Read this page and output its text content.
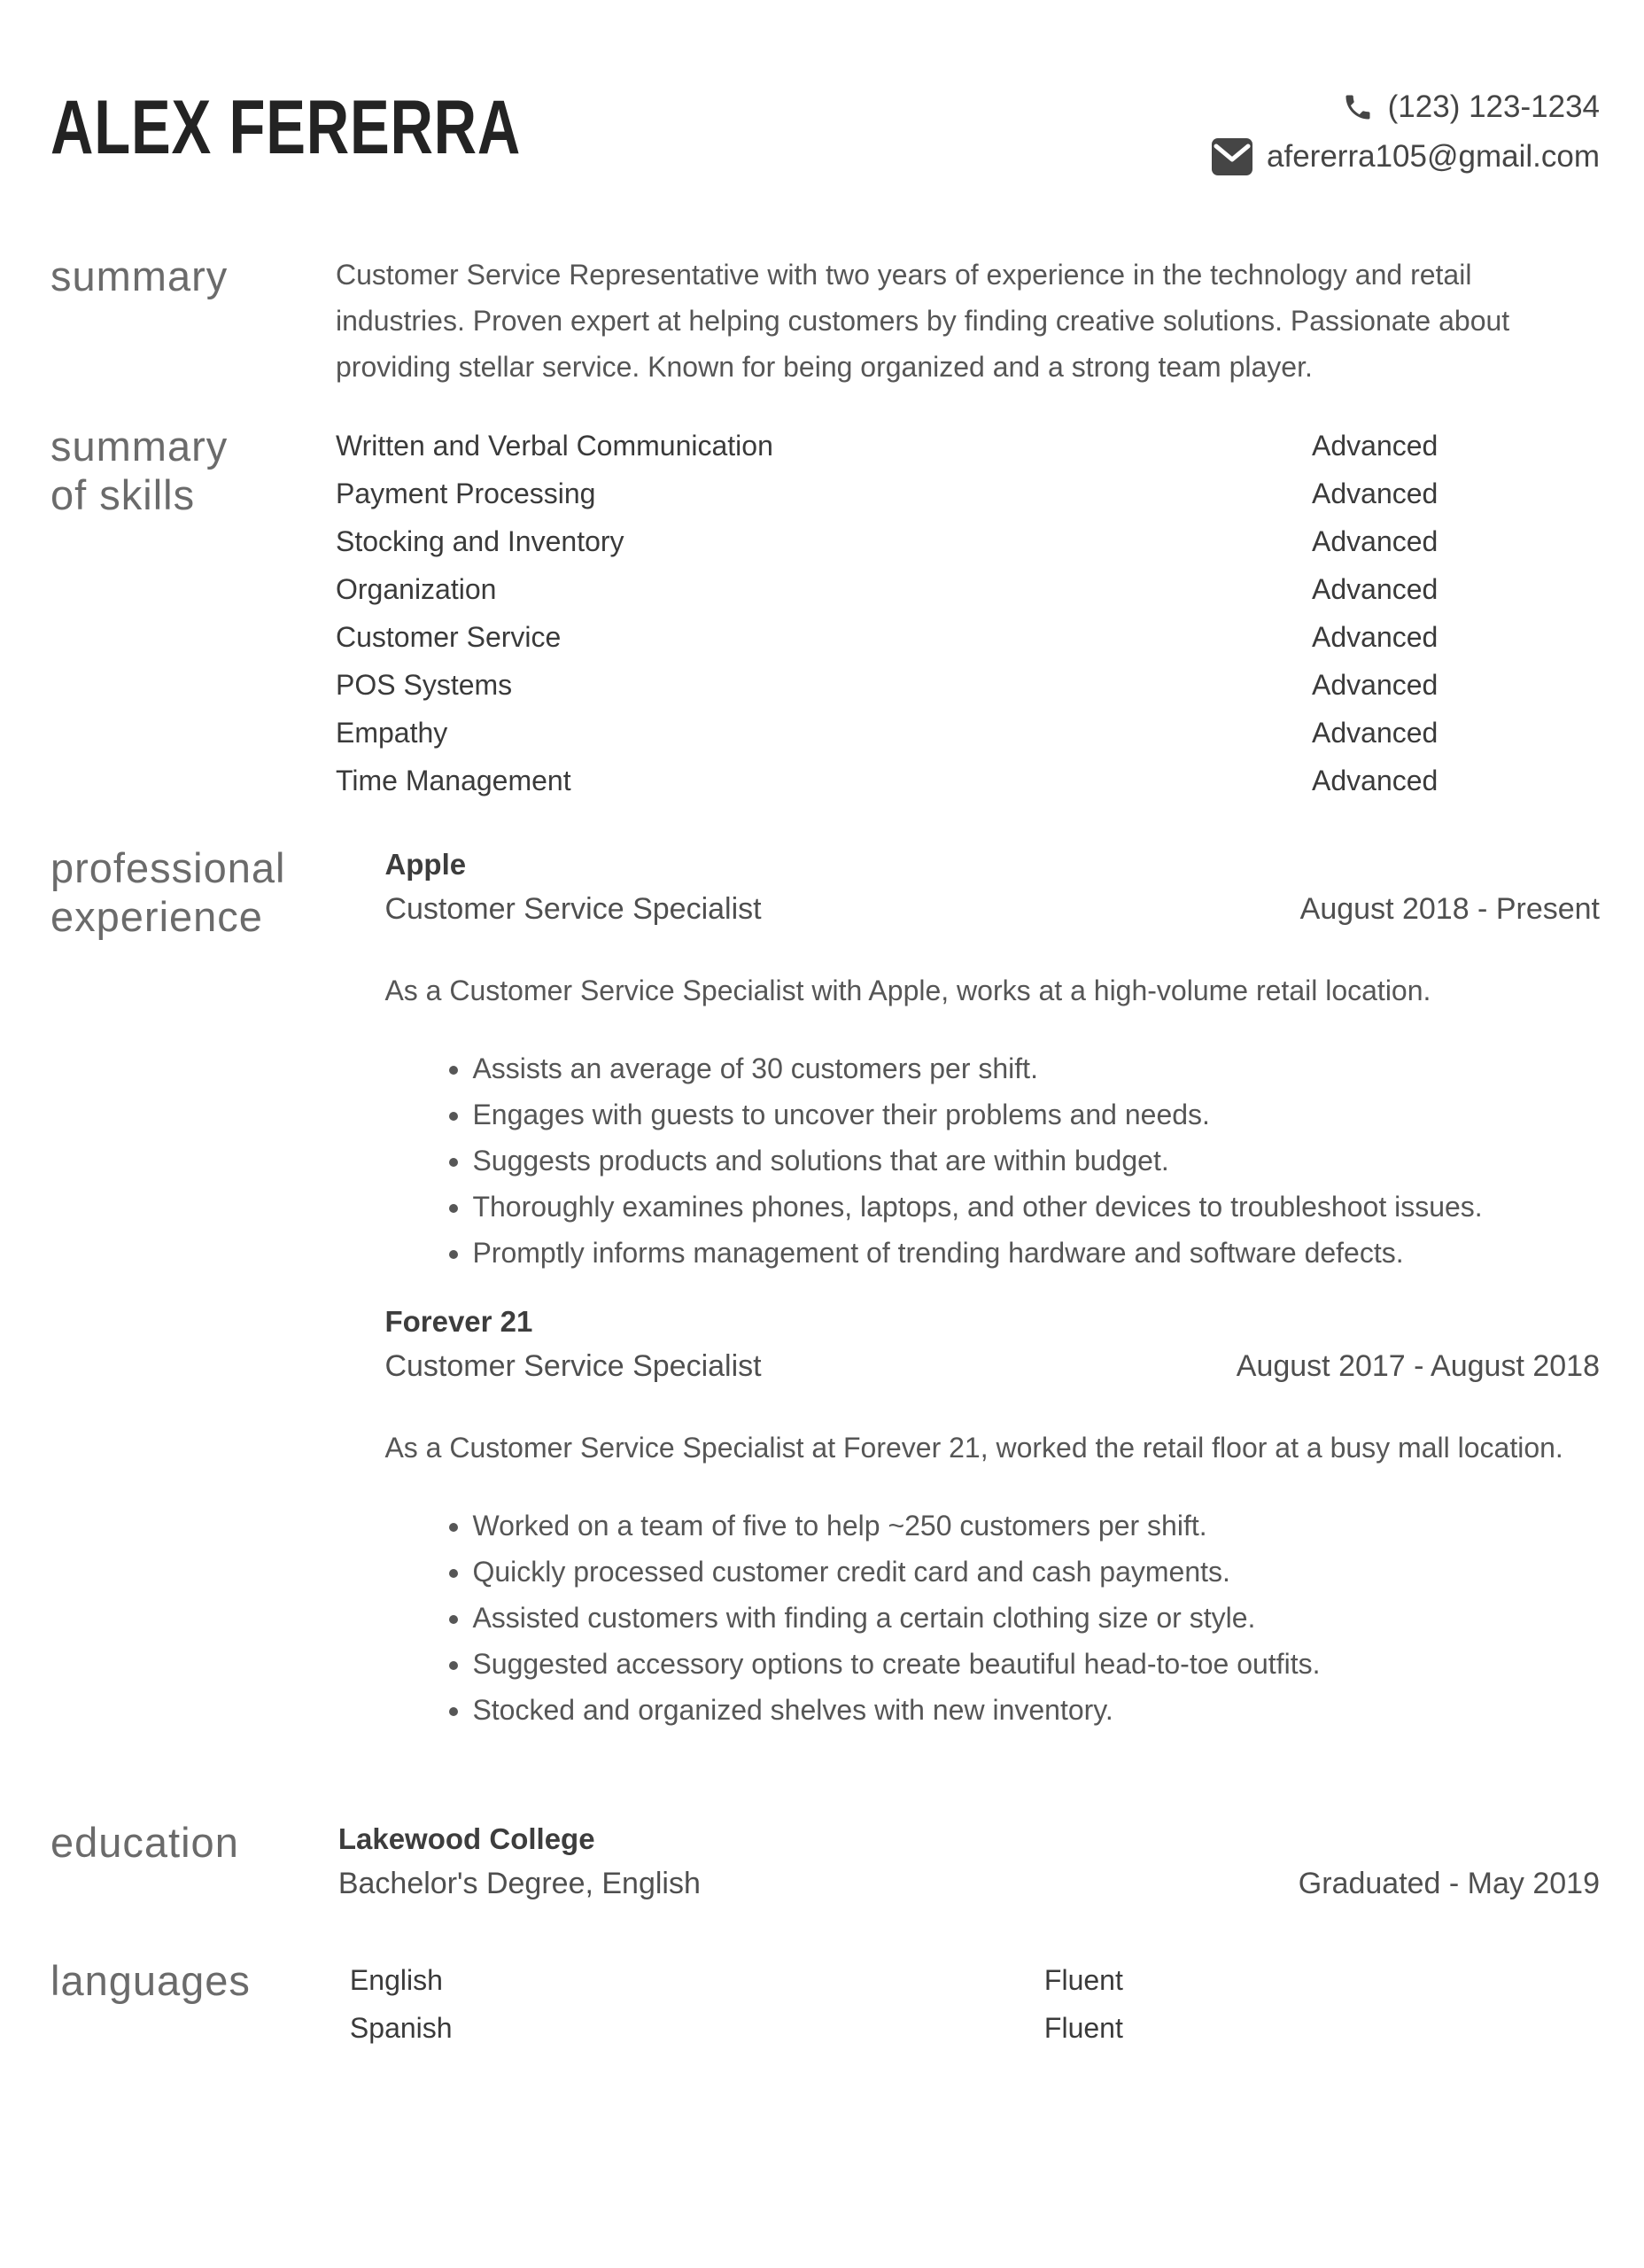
ALEX FERERRA	(123) 123-1234
afererra105@gmail.com
summary	Customer Service Representative with two years of experience in the technology and retail industries. Proven expert at helping customers by finding creative solutions. Passionate about providing stellar service. Known for being organized and a strong team player.

summary of skills
Written and Verbal Communication	Advanced
Payment Processing	Advanced
Stocking and Inventory	Advanced
Organization	Advanced
Customer Service	Advanced
POS Systems	Advanced
Empathy	Advanced
Time Management	Advanced
professional experience
Apple
Customer Service Specialist	August 2018 - Present

As a Customer Service Specialist with Apple, works at a high-volume retail location.

• Assists an average of 30 customers per shift.
• Engages with guests to uncover their problems and needs.
• Suggests products and solutions that are within budget.
• Thoroughly examines phones, laptops, and other devices to troubleshoot issues.
• Promptly informs management of trending hardware and software defects.
Forever 21
Customer Service Specialist	August 2017 - August 2018

As a Customer Service Specialist at Forever 21, worked the retail floor at a busy mall location.

• Worked on a team of five to help ~250 customers per shift.
• Quickly processed customer credit card and cash payments.
• Assisted customers with finding a certain clothing size or style.
• Suggested accessory options to create beautiful head-to-toe outfits.
• Stocked and organized shelves with new inventory.
education	Lakewood College
Bachelor's Degree, English	Graduated - May 2019
languages	English	Fluent
Spanish	Fluent
